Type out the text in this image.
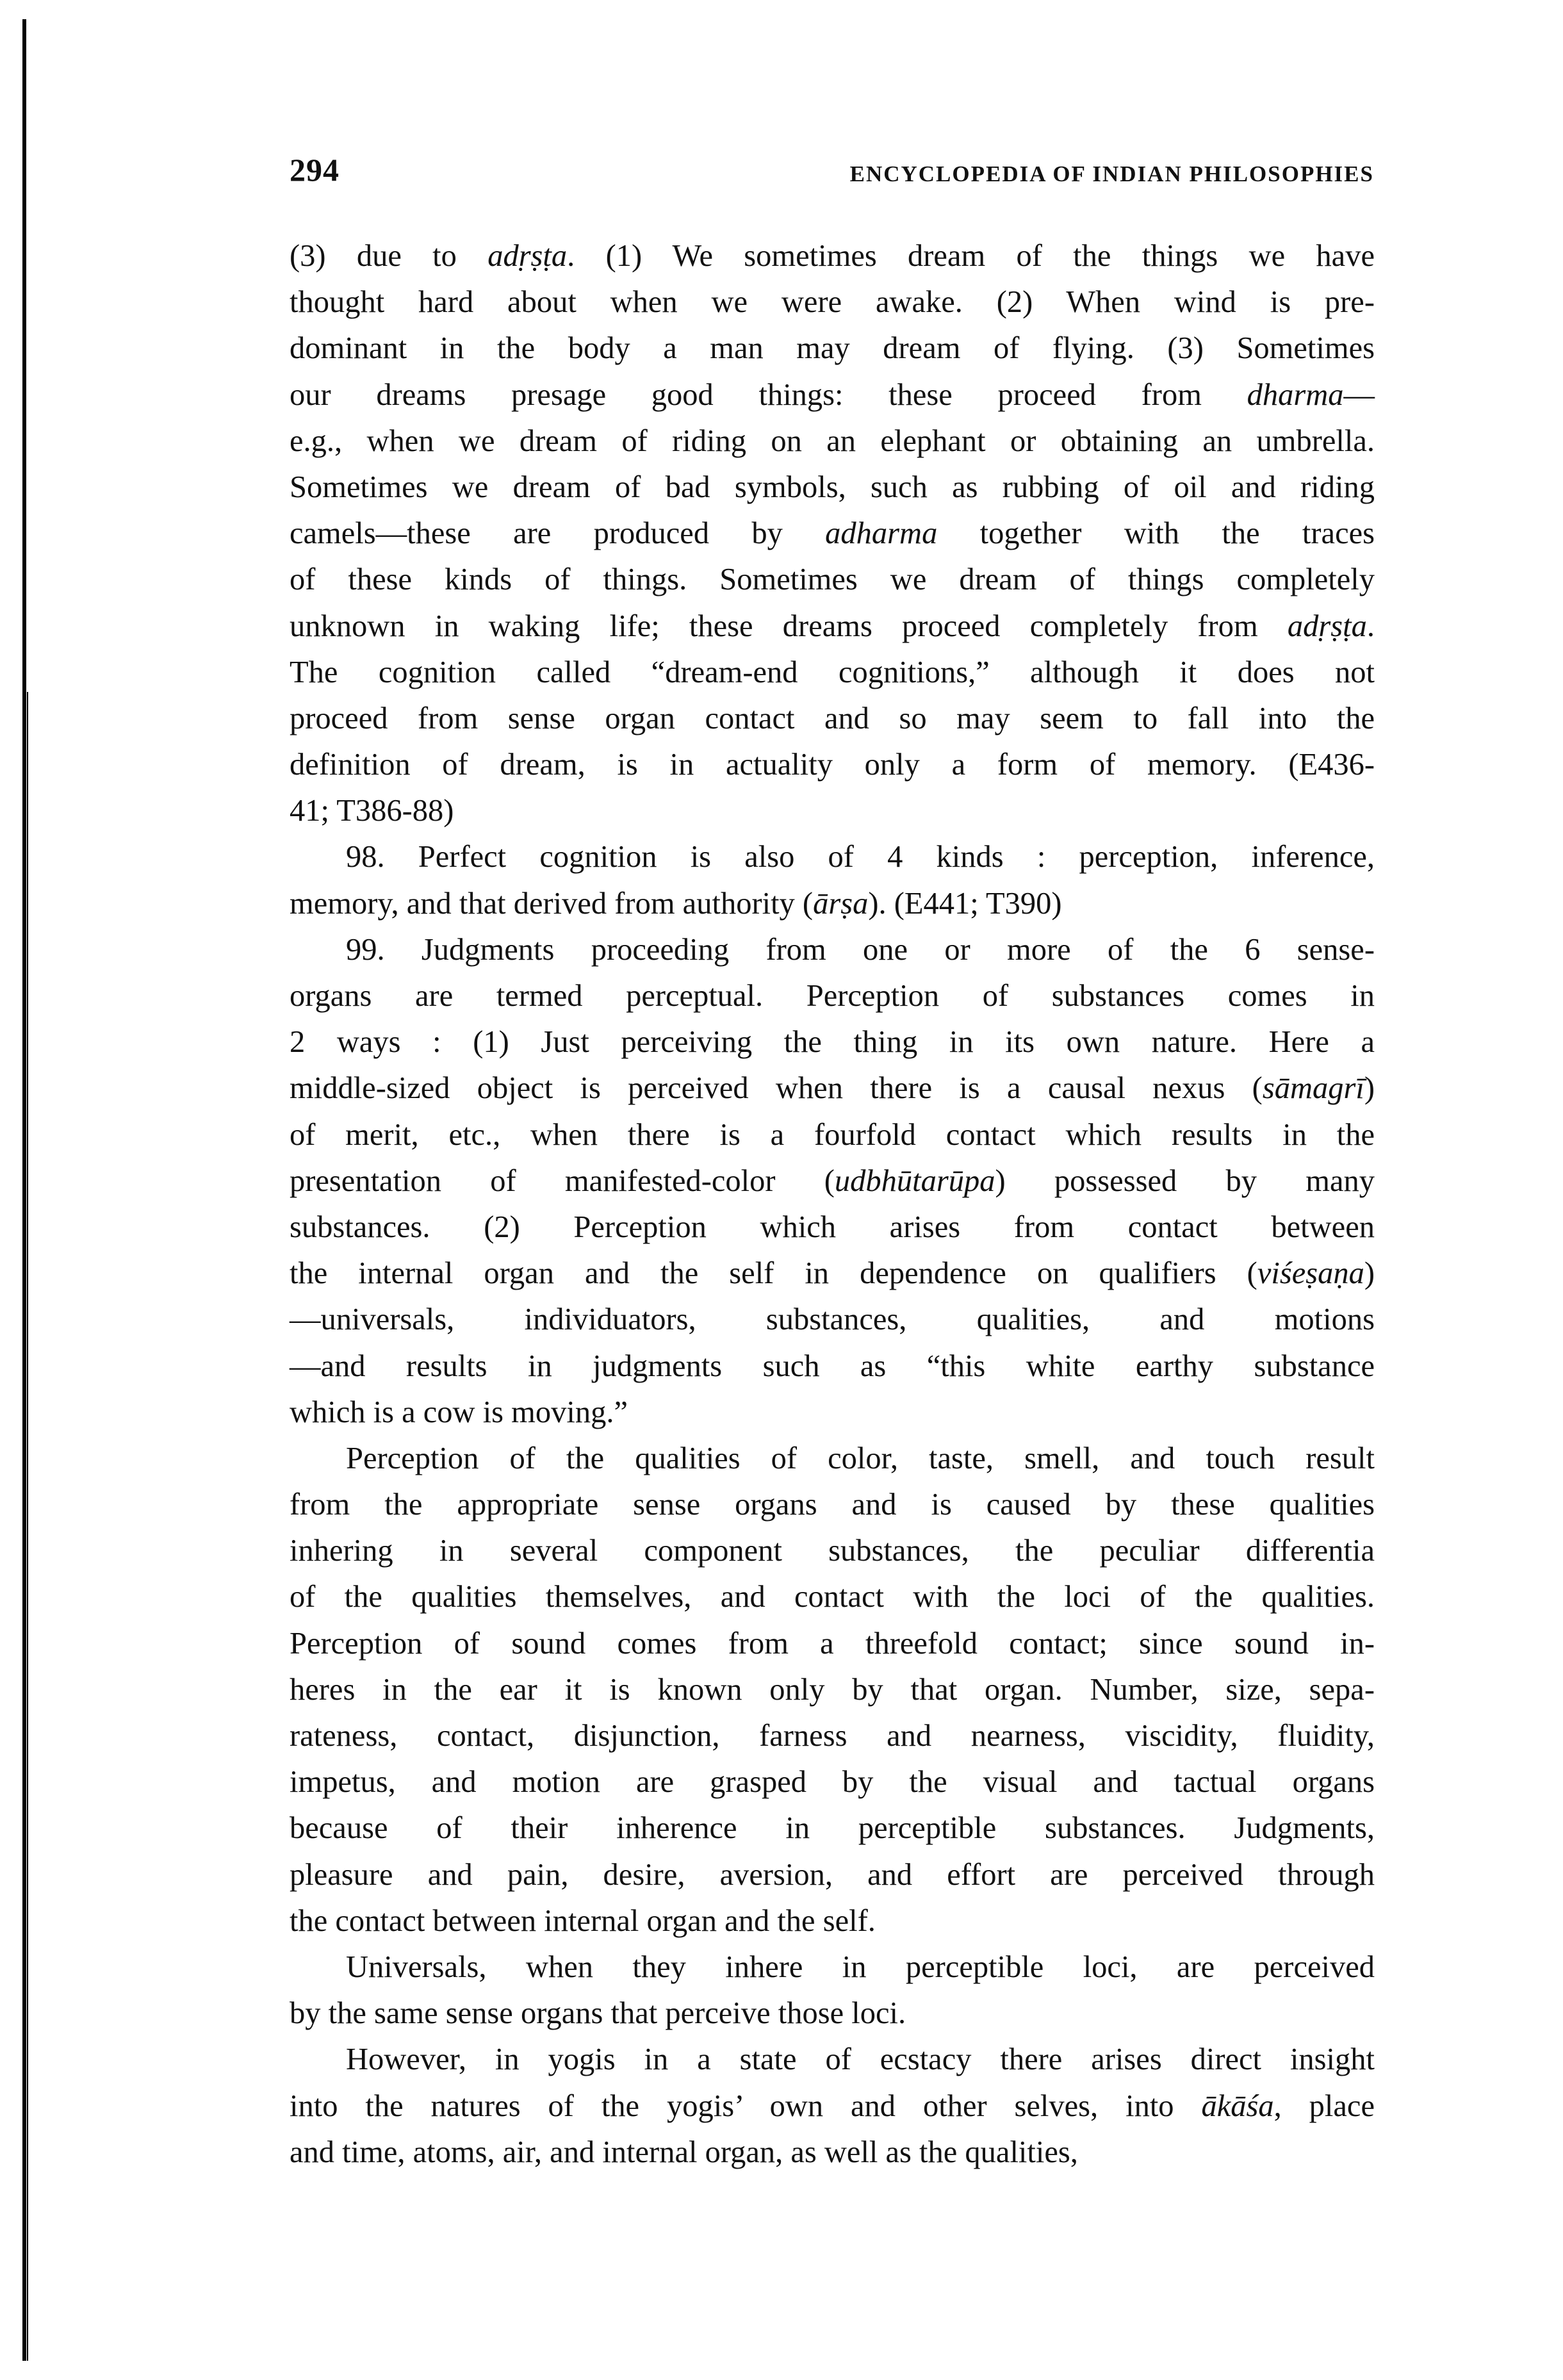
294	ENCYCLOPEDIA OF INDIAN PHILOSOPHIES
(3) due to adṛṣṭa. (1) We sometimes dream of the things we have
thought hard about when we were awake. (2) When wind is pre-
dominant in the body a man may dream of flying. (3) Sometimes
our dreams presage good things: these proceed from dharma—
e.g., when we dream of riding on an elephant or obtaining an umbrella.
Sometimes we dream of bad symbols, such as rubbing of oil and riding
camels—these are produced by adharma together with the traces
of these kinds of things. Sometimes we dream of things completely
unknown in waking life; these dreams proceed completely from adṛṣṭa.
The cognition called “dream-end cognitions,” although it does not
proceed from sense organ contact and so may seem to fall into the
definition of dream, is in actuality only a form of memory. (E436-
41; T386-88)
98. Perfect cognition is also of 4 kinds : perception, inference,
memory, and that derived from authority (ārṣa). (E441; T390)
99. Judgments proceeding from one or more of the 6 sense-
organs are termed perceptual. Perception of substances comes in
2 ways : (1) Just perceiving the thing in its own nature. Here a
middle-sized object is perceived when there is a causal nexus (sāmagrī)
of merit, etc., when there is a fourfold contact which results in the
presentation of manifested-color (udbhūtarūpa) possessed by many
substances. (2) Perception which arises from contact between
the internal organ and the self in dependence on qualifiers (viśeṣaṇa)
—universals, individuators, substances, qualities, and motions
—and results in judgments such as “this white earthy substance
which is a cow is moving.”
Perception of the qualities of color, taste, smell, and touch result
from the appropriate sense organs and is caused by these qualities
inhering in several component substances, the peculiar differentia
of the qualities themselves, and contact with the loci of the qualities.
Perception of sound comes from a threefold contact; since sound in-
heres in the ear it is known only by that organ. Number, size, sepa-
rateness, contact, disjunction, farness and nearness, viscidity, fluidity,
impetus, and motion are grasped by the visual and tactual organs
because of their inherence in perceptible substances. Judgments,
pleasure and pain, desire, aversion, and effort are perceived through
the contact between internal organ and the self.
Universals, when they inhere in perceptible loci, are perceived
by the same sense organs that perceive those loci.
However, in yogis in a state of ecstacy there arises direct insight
into the natures of the yogis’ own and other selves, into ākāśa, place
and time, atoms, air, and internal organ, as well as the qualities,
